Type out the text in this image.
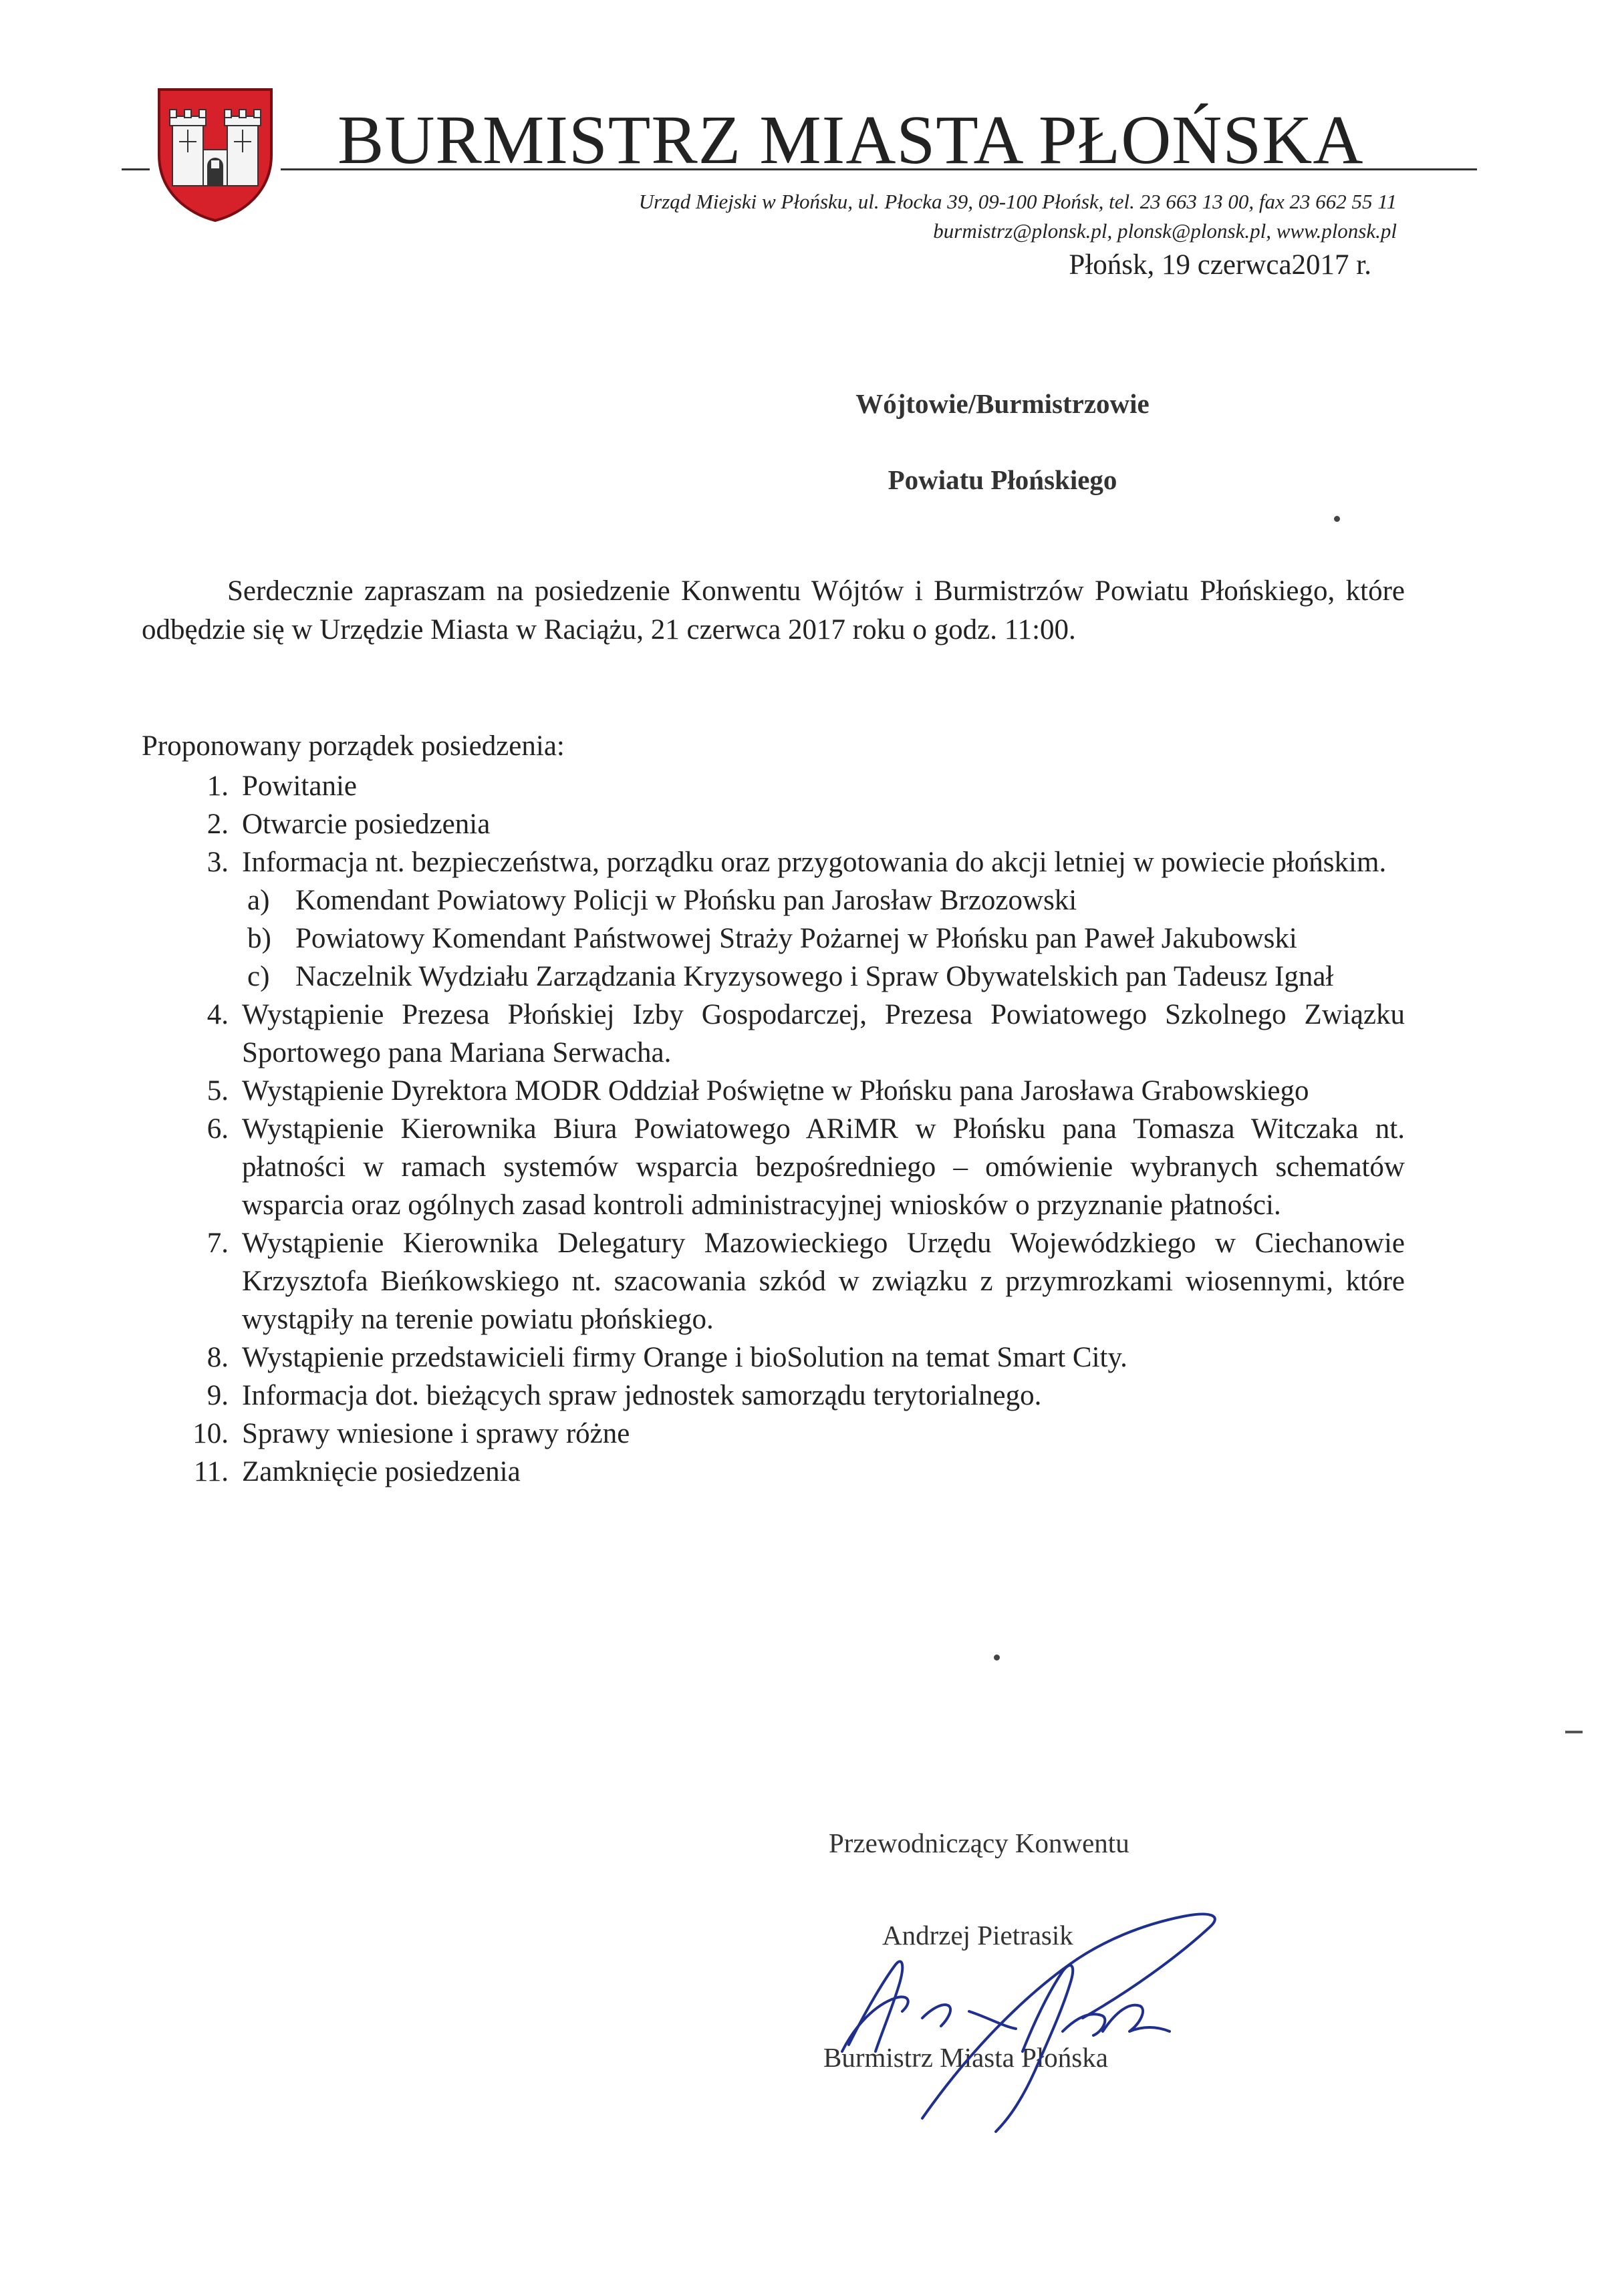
BURMISTRZ MIASTA PŁOŃSKA
Urząd Miejski w Płońsku, ul. Płocka 39, 09-100 Płońsk, tel. 23 663 13 00, fax 23 662 55 11
burmistrz@plonsk.pl, plonsk@plonsk.pl, www.plonsk.pl
Płońsk, 19 czerwca2017 r.
Wójtowie/Burmistrzowie
Powiatu Płońskiego

Serdecznie zapraszam na posiedzenie Konwentu Wójtów i Burmistrzów Powiatu Płońskiego, które odbędzie się w Urzędzie Miasta w Raciążu, 21 czerwca 2017 roku o godz. 11:00.

Proponowany porządek posiedzenia:
1. Powitanie
2. Otwarcie posiedzenia
3. Informacja nt. bezpieczeństwa, porządku oraz przygotowania do akcji letniej w powiecie płońskim.
a) Komendant Powiatowy Policji w Płońsku pan Jarosław Brzozowski
b) Powiatowy Komendant Państwowej Straży Pożarnej w Płońsku pan Paweł Jakubowski
c) Naczelnik Wydziału Zarządzania Kryzysowego i Spraw Obywatelskich pan Tadeusz Ignał
4. Wystąpienie Prezesa Płońskiej Izby Gospodarczej, Prezesa Powiatowego Szkolnego Związku Sportowego pana Mariana Serwacha.
5. Wystąpienie Dyrektora MODR Oddział Poświętne w Płońsku pana Jarosława Grabowskiego
6. Wystąpienie Kierownika Biura Powiatowego ARiMR w Płońsku pana Tomasza Witczaka nt. płatności w ramach systemów wsparcia bezpośredniego – omówienie wybranych schematów wsparcia oraz ogólnych zasad kontroli administracyjnej wniosków o przyznanie płatności.
7. Wystąpienie Kierownika Delegatury Mazowieckiego Urzędu Wojewódzkiego w Ciechanowie Krzysztofa Bieńkowskiego nt. szacowania szkód w związku z przymrozkami wiosennymi, które wystąpiły na terenie powiatu płońskiego.
8. Wystąpienie przedstawicieli firmy Orange i bioSolution na temat Smart City.
9. Informacja dot. bieżących spraw jednostek samorządu terytorialnego.
10. Sprawy wniesione i sprawy różne
11. Zamknięcie posiedzenia
Przewodniczący Konwentu
Andrzej Pietrasik
Burmistrz Miasta Płońska
